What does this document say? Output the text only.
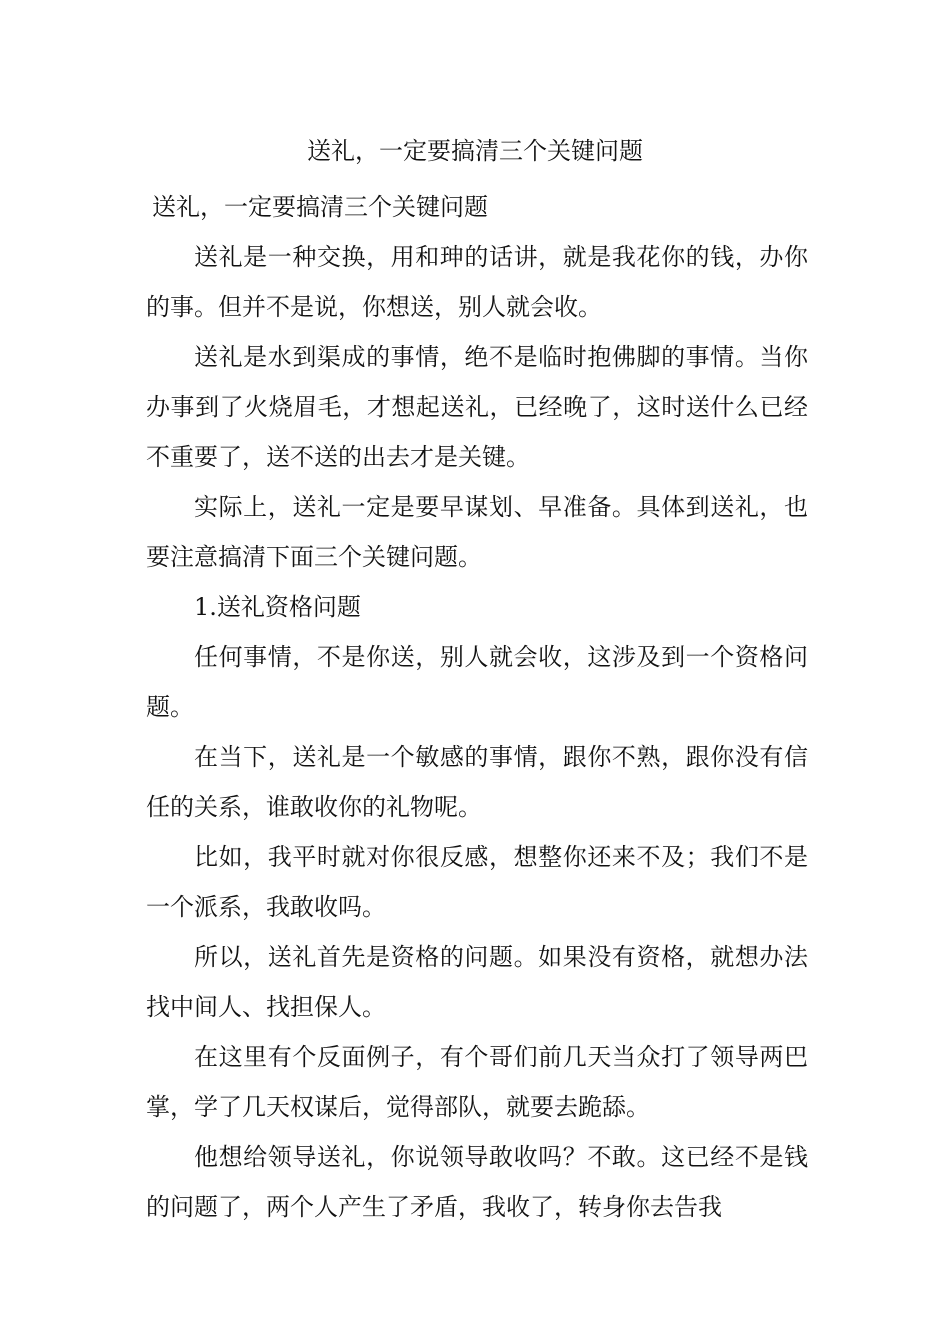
送礼，一定要搞清三个关键问题

送礼，一定要搞清三个关键问题

送礼是一种交换，用和珅的话讲，就是我花你的钱，办你的事。但并不是说，你想送，别人就会收。

送礼是水到渠成的事情，绝不是临时抱佛脚的事情。当你办事到了火烧眉毛，才想起送礼，已经晚了，这时送什么已经不重要了，送不送的出去才是关键。

实际上，送礼一定是要早谋划、早准备。具体到送礼，也要注意搞清下面三个关键问题。

1.送礼资格问题

任何事情，不是你送，别人就会收，这涉及到一个资格问题。

在当下，送礼是一个敏感的事情，跟你不熟，跟你没有信任的关系，谁敢收你的礼物呢。

比如，我平时就对你很反感，想整你还来不及；我们不是一个派系，我敢收吗。

所以，送礼首先是资格的问题。如果没有资格，就想办法找中间人、找担保人。

在这里有个反面例子，有个哥们前几天当众打了领导两巴掌，学了几天权谋后，觉得部队，就要去跪舔。

他想给领导送礼，你说领导敢收吗？不敢。这已经不是钱的问题了，两个人产生了矛盾，我收了，转身你去告我
